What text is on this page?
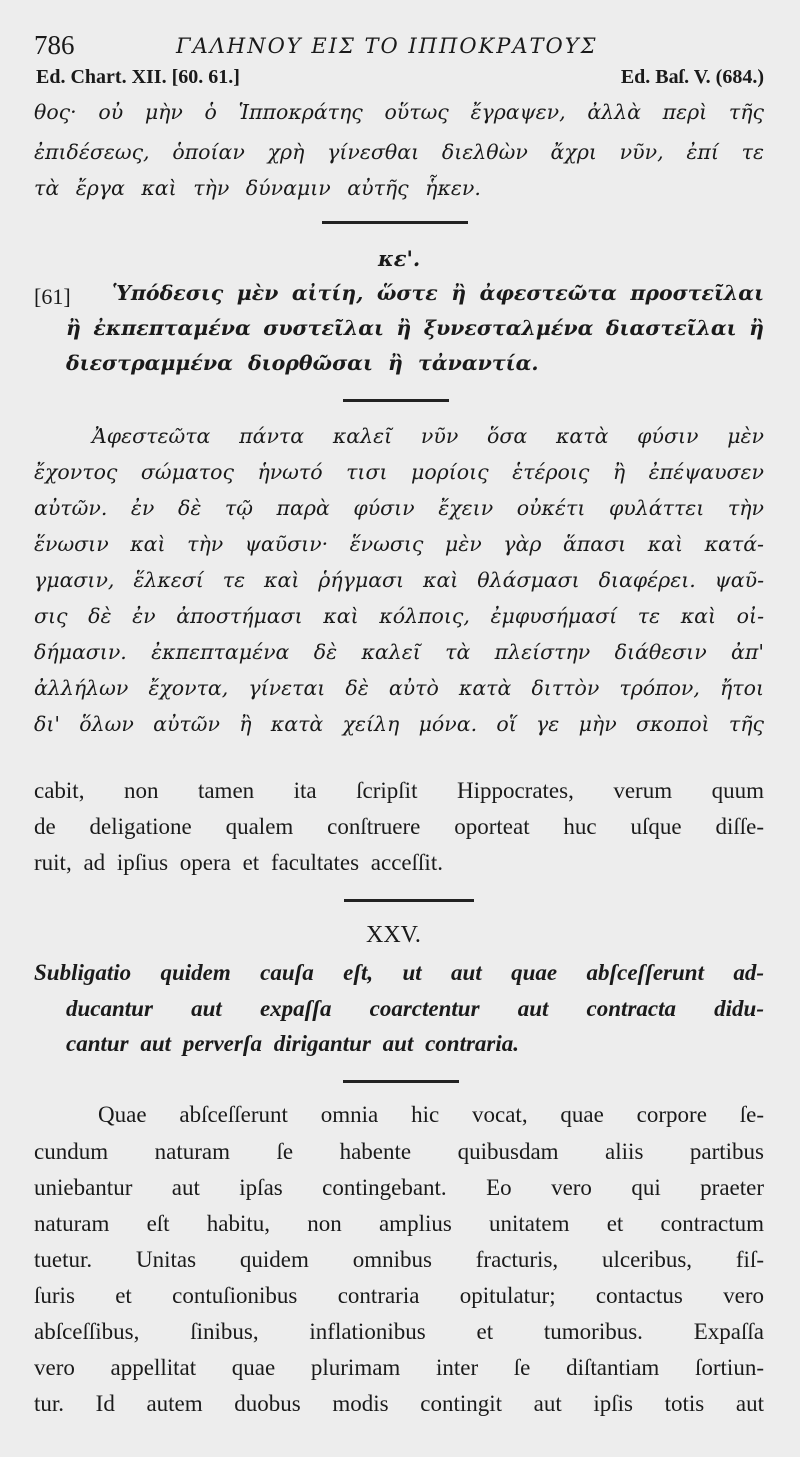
786	ΓΑΛΗΝΟΥ ΕΙΣ ΤΟ ΙΠΠΟΚΡΑΤΟΥΣ
Ed. Chart. XII. [60. 61.]	Ed. Baſ. V. (684.)
θος· οὐ μὴν ὁ Ἱπποκράτης οὕτως ἔγραψεν, ἀλλὰ περὶ τῆς
ἐπιδέσεως, ὁποίαν χρὴ γίνεσθαι διελθὼν ἄχρι νῦν, ἐπί τε
τὰ ἔργα καὶ τὴν δύναμιν αὐτῆς ἧκεν.
κε'.
[61] Ὑπόδεσις μὲν αἰτίη, ὥστε ἢ ἀφεστεῶτα προστεῖλαι
ἢ ἐκπεπταμένα συστεῖλαι ἢ ξυνεσταλμένα διαστεῖλαι ἢ
διεστραμμένα διορθῶσαι ἢ τἀναντία.
Ἀφεστεῶτα πάντα καλεῖ νῦν ὅσα κατὰ φύσιν μὲν
ἔχοντος σώματος ἡνωτό τισι μορίοις ἑτέροις ἢ ἐπέψαυσεν
αὐτῶν. ἐν δὲ τῷ παρὰ φύσιν ἔχειν οὐκέτι φυλάττει τὴν
ἕνωσιν καὶ τὴν ψαῦσιν· ἕνωσις μὲν γὰρ ἅπασι καὶ κατά-
γμασιν, ἕλκεσί τε καὶ ῥήγμασι καὶ θλάσμασι διαφέρει. ψαῦ-
σις δὲ ἐν ἀποστήμασι καὶ κόλποις, ἐμφυσήμασί τε καὶ οἰ-
δήμασιν. ἐκπεπταμένα δὲ καλεῖ τὰ πλείστην διάθεσιν ἀπ'
ἀλλήλων ἔχοντα, γίνεται δὲ αὐτὸ κατὰ διττὸν τρόπον, ἤτοι
δι' ὅλων αὐτῶν ἢ κατὰ χείλη μόνα. οἵ γε μὴν σκοποὶ τῆς
cabit, non tamen ita ſcripſit Hippocrates, verum quum
de deligatione qualem conſtruere oporteat huc uſque diſſe-
ruit, ad ipſius opera et facultates acceſſit.
XXV.
Subligatio quidem cauſa eſt, ut aut quae abſceſſerunt ad-
ducantur aut expaſſa coarctentur aut contracta didu-
cantur aut perverſa dirigantur aut contraria.
Quae abſceſſerunt omnia hic vocat, quae corpore ſe-
cundum naturam ſe habente quibusdam aliis partibus
uniebantur aut ipſas contingebant. Eo vero qui praeter
naturam eſt habitu, non amplius unitatem et contractum
tuetur. Unitas quidem omnibus fracturis, ulceribus, fiſ-
ſuris et contuſionibus contraria opitulatur; contactus vero
abſceſſibus, ſinibus, inflationibus et tumoribus. Expaſſa
vero appellitat quae plurimam inter ſe diſtantiam ſortiun-
tur. Id autem duobus modis contingit aut ipſis totis aut
